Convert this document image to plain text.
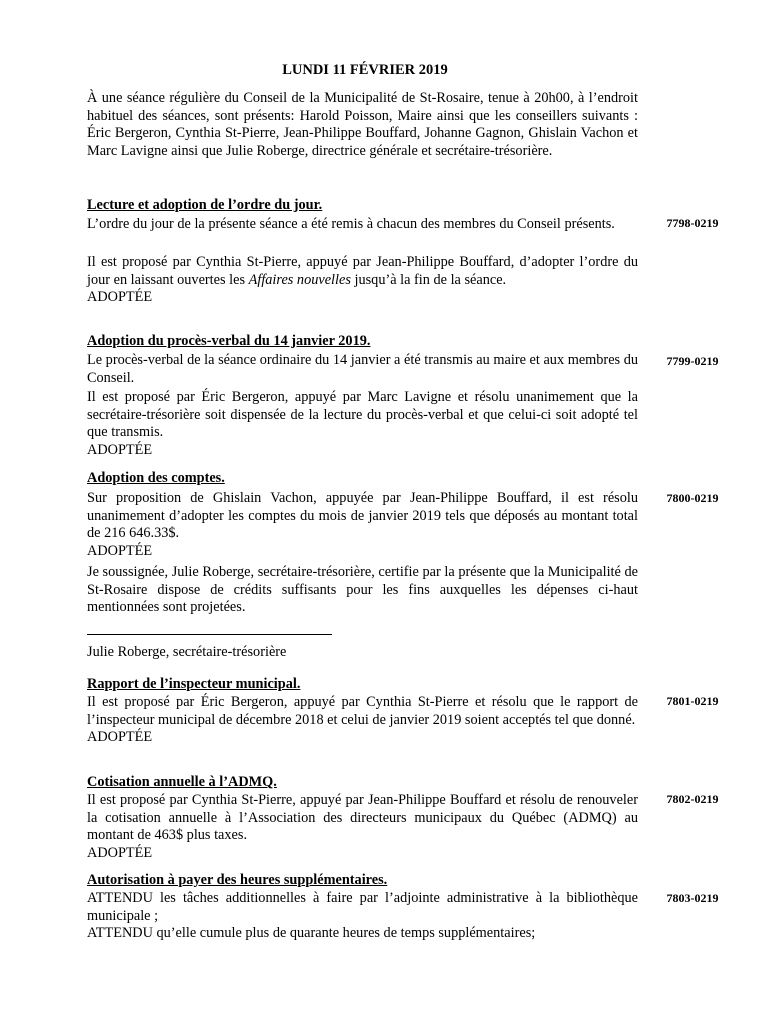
LUNDI 11 FÉVRIER 2019

À une séance régulière du Conseil de la Municipalité de St-Rosaire, tenue à 20h00, à l’endroit habituel des séances, sont présents: Harold Poisson, Maire ainsi que les conseillers suivants : Éric Bergeron, Cynthia St-Pierre, Jean-Philippe Bouffard, Johanne Gagnon, Ghislain Vachon et Marc Lavigne ainsi que Julie Roberge, directrice générale et secrétaire-trésorière.

Lecture et adoption de l’ordre du jour.

7798-0219

L’ordre du jour de la présente séance a été remis à chacun des membres du Conseil présents.

Il est proposé par Cynthia St-Pierre, appuyé par Jean-Philippe Bouffard, d’adopter l’ordre du jour en laissant ouvertes les Affaires nouvelles jusqu’à la fin de la séance.
ADOPTÉE

Adoption du procès-verbal du 14 janvier 2019.

7799-0219

Le procès-verbal de la séance ordinaire du 14 janvier a été transmis au maire et aux membres du Conseil.

Il est proposé par Éric Bergeron, appuyé par Marc Lavigne et résolu unanimement que la secrétaire-trésorière soit dispensée de la lecture du procès-verbal et que celui-ci soit adopté tel que transmis.
ADOPTÉE

Adoption des comptes.

7800-0219

Sur proposition de Ghislain Vachon, appuyée par Jean-Philippe Bouffard, il est résolu unanimement d’adopter les comptes du mois de janvier 2019 tels que déposés au montant total de 216 646.33$.
ADOPTÉE

Je soussignée, Julie Roberge, secrétaire-trésorière, certifie par la présente que la Municipalité de St-Rosaire dispose de crédits suffisants pour les fins auxquelles les dépenses ci-haut mentionnées sont projetées.

Julie Roberge, secrétaire-trésorière

Rapport de l’inspecteur municipal.

7801-0219

Il est proposé par Éric Bergeron, appuyé par Cynthia St-Pierre et résolu que le rapport de l’inspecteur municipal de décembre 2018 et celui de janvier 2019 soient acceptés tel que donné.
ADOPTÉE

Cotisation annuelle à l’ADMQ.

7802-0219

Il est proposé par Cynthia St-Pierre, appuyé par Jean-Philippe Bouffard et résolu de renouveler la cotisation annuelle à l’Association des directeurs municipaux du Québec (ADMQ) au montant de 463$ plus taxes.
ADOPTÉE

Autorisation à payer des heures supplémentaires.

7803-0219

ATTENDU les tâches additionnelles à faire par l’adjointe administrative à la bibliothèque municipale ;

ATTENDU qu’elle cumule plus de quarante heures de temps supplémentaires;
